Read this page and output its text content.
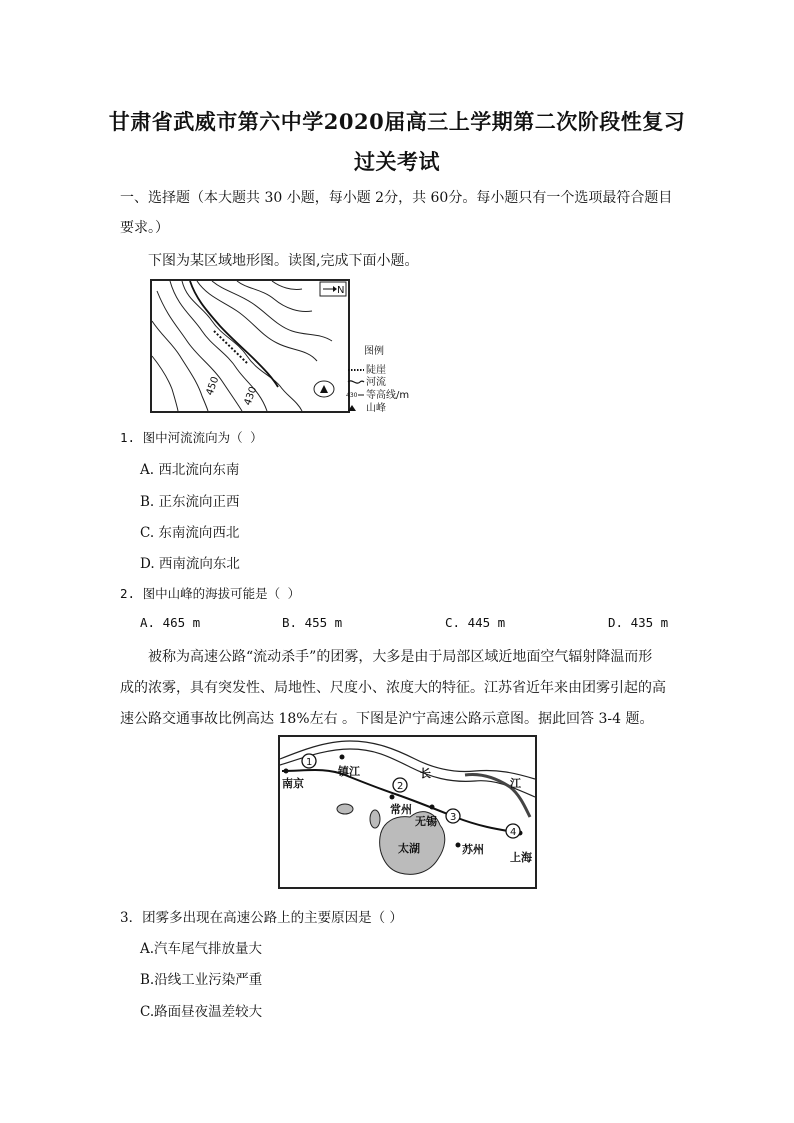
甘肃省武威市第六中学2020届高三上学期第二次阶段性复习
过关考试
一、选择题（本大题共 30 小题，每小题 2分，共 60分。每小题只有一个选项最符合题目
要求。）
下图为某区域地形图。读图,完成下面小题。
450 430
N
图例
陡崖
河流
430 等高线/m
山峰
1. 图中河流流向为（ ）
A. 西北流向东南
B. 正东流向正西
C. 东南流向西北
D. 西南流向东北
2. 图中山峰的海拔可能是（ ）
A. 465 m	B. 455 m	C. 445 m	D. 435 m
被称为高速公路“流动杀手”的团雾，大多是由于局部区域近地面空气辐射降温而形
成的浓雾，具有突发性、局地性、尺度小、浓度大的特征。江苏省近年来由团雾引起的高
速公路交通事故比例高达 18%左右 。下图是沪宁高速公路示意图。据此回答 3-4 题。
1
2
3
4
南京
镇江
常州
无锡
苏州
上海
长
江
太湖
3．团雾多出现在高速公路上的主要原因是（ ）
A.汽车尾气排放量大
B.沿线工业污染严重
C.路面昼夜温差较大
